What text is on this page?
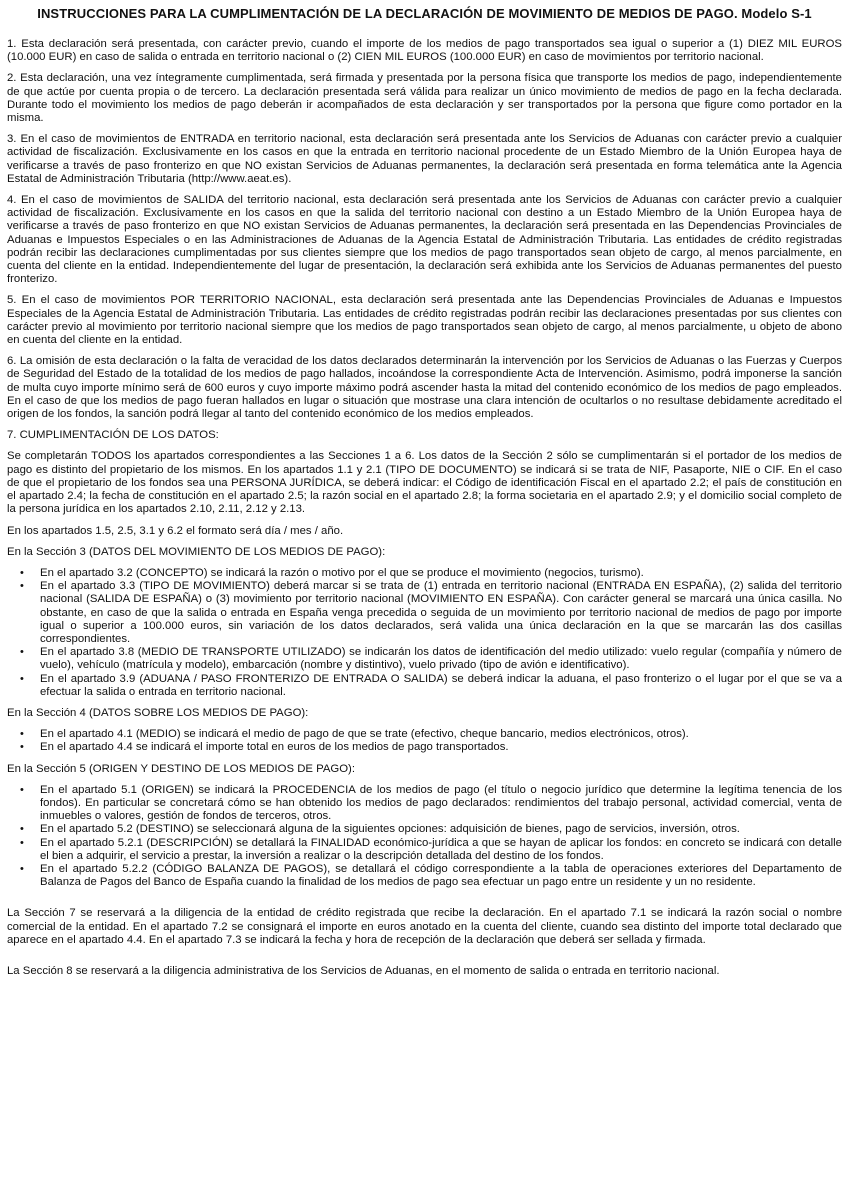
INSTRUCCIONES PARA LA CUMPLIMENTACIÓN DE LA DECLARACIÓN DE MOVIMIENTO DE MEDIOS DE PAGO. Modelo S-1

1. Esta declaración será presentada, con carácter previo, cuando el importe de los medios de pago transportados sea igual o superior a (1) DIEZ MIL EUROS (10.000 EUR) en caso de salida o entrada en territorio nacional o (2) CIEN MIL EUROS (100.000 EUR) en caso de movimientos por territorio nacional.

2. Esta declaración, una vez íntegramente cumplimentada, será firmada y presentada por la persona física que transporte los medios de pago, independientemente de que actúe por cuenta propia o de tercero. La declaración presentada será válida para realizar un único movimiento de medios de pago en la fecha declarada. Durante todo el movimiento los medios de pago deberán ir acompañados de esta declaración y ser transportados por la persona que figure como portador en la misma.

3. En el caso de movimientos de ENTRADA en territorio nacional, esta declaración será presentada ante los Servicios de Aduanas con carácter previo a cualquier actividad de fiscalización. Exclusivamente en los casos en que la entrada en territorio nacional procedente de un Estado Miembro de la Unión Europea haya de verificarse a través de paso fronterizo en que NO existan Servicios de Aduanas permanentes, la declaración será presentada en forma telemática ante la Agencia Estatal de Administración Tributaria (http://www.aeat.es).

4. En el caso de movimientos de SALIDA del territorio nacional, esta declaración será presentada ante los Servicios de Aduanas con carácter previo a cualquier actividad de fiscalización. Exclusivamente en los casos en que la salida del territorio nacional con destino a un Estado Miembro de la Unión Europea haya de verificarse a través de paso fronterizo en que NO existan Servicios de Aduanas permanentes, la declaración será presentada en las Dependencias Provinciales de Aduanas e Impuestos Especiales o en las Administraciones de Aduanas de la Agencia Estatal de Administración Tributaria. Las entidades de crédito registradas podrán recibir las declaraciones cumplimentadas por sus clientes siempre que los medios de pago transportados sean objeto de cargo, al menos parcialmente, en cuenta del cliente en la entidad. Independientemente del lugar de presentación, la declaración será exhibida ante los Servicios de Aduanas permanentes del puesto fronterizo.

5. En el caso de movimientos POR TERRITORIO NACIONAL, esta declaración será presentada ante las Dependencias Provinciales de Aduanas e Impuestos Especiales de la Agencia Estatal de Administración Tributaria. Las entidades de crédito registradas podrán recibir las declaraciones presentadas por sus clientes con carácter previo al movimiento por territorio nacional siempre que los medios de pago transportados sean objeto de cargo, al menos parcialmente, u objeto de abono en cuenta del cliente en la entidad.

6. La omisión de esta declaración o la falta de veracidad de los datos declarados determinarán la intervención por los Servicios de Aduanas o las Fuerzas y Cuerpos de Seguridad del Estado de la totalidad de los medios de pago hallados, incoándose la correspondiente Acta de Intervención. Asimismo, podrá imponerse la sanción de multa cuyo importe mínimo será de 600 euros y cuyo importe máximo podrá ascender hasta la mitad del contenido económico de los medios de pago empleados. En el caso de que los medios de pago fueran hallados en lugar o situación que mostrase una clara intención de ocultarlos o no resultase debidamente acreditado el origen de los fondos, la sanción podrá llegar al tanto del contenido económico de los medios empleados.

7. CUMPLIMENTACIÓN DE LOS DATOS:

Se completarán TODOS los apartados correspondientes a las Secciones 1 a 6. Los datos de la Sección 2 sólo se cumplimentarán si el portador de los medios de pago es distinto del propietario de los mismos. En los apartados 1.1 y 2.1 (TIPO DE DOCUMENTO) se indicará si se trata de NIF, Pasaporte, NIE o CIF. En el caso de que el propietario de los fondos sea una PERSONA JURÍDICA, se deberá indicar: el Código de identificación Fiscal en el apartado 2.2; el país de constitución en el apartado 2.4; la fecha de constitución en el apartado 2.5; la razón social en el apartado 2.8; la forma societaria en el apartado 2.9; y el domicilio social completo de la persona jurídica en los apartados 2.10, 2.11, 2.12 y 2.13.

En los apartados 1.5, 2.5, 3.1 y 6.2 el formato será día / mes / año.

En la Sección 3 (DATOS DEL MOVIMIENTO DE LOS MEDIOS DE PAGO):

• En el apartado 3.2 (CONCEPTO) se indicará la razón o motivo por el que se produce el movimiento (negocios, turismo).
• En el apartado 3.3 (TIPO DE MOVIMIENTO) deberá marcar si se trata de (1) entrada en territorio nacional (ENTRADA EN ESPAÑA), (2) salida del territorio nacional (SALIDA DE ESPAÑA) o (3) movimiento por territorio nacional (MOVIMIENTO EN ESPAÑA). Con carácter general se marcará una única casilla. No obstante, en caso de que la salida o entrada en España venga precedida o seguida de un movimiento por territorio nacional de medios de pago por importe igual o superior a 100.000 euros, sin variación de los datos declarados, será valida una única declaración en la que se marcarán las dos casillas correspondientes.
• En el apartado 3.8 (MEDIO DE TRANSPORTE UTILIZADO) se indicarán los datos de identificación del medio utilizado: vuelo regular (compañía y número de vuelo), vehículo (matrícula y modelo), embarcación (nombre y distintivo), vuelo privado (tipo de avión e identificativo).
• En el apartado 3.9 (ADUANA / PASO FRONTERIZO DE ENTRADA O SALIDA) se deberá indicar la aduana, el paso fronterizo o el lugar por el que se va a efectuar la salida o entrada en territorio nacional.

En la Sección 4 (DATOS SOBRE LOS MEDIOS DE PAGO):

• En el apartado 4.1 (MEDIO) se indicará el medio de pago de que se trate (efectivo, cheque bancario, medios electrónicos, otros).
• En el apartado 4.4 se indicará el importe total en euros de los medios de pago transportados.

En la Sección 5 (ORIGEN Y DESTINO DE LOS MEDIOS DE PAGO):

• En el apartado 5.1 (ORIGEN) se indicará la PROCEDENCIA de los medios de pago (el título o negocio jurídico que determine la legítima tenencia de los fondos). En particular se concretará cómo se han obtenido los medios de pago declarados: rendimientos del trabajo personal, actividad comercial, venta de inmuebles o valores, gestión de fondos de terceros, otros.
• En el apartado 5.2 (DESTINO) se seleccionará alguna de la siguientes opciones: adquisición de bienes, pago de servicios, inversión, otros.
• En el apartado 5.2.1 (DESCRIPCIÓN) se detallará la FINALIDAD económico-jurídica a que se hayan de aplicar los fondos: en concreto se indicará con detalle el bien a adquirir, el servicio a prestar, la inversión a realizar o la descripción detallada del destino de los fondos.
• En el apartado 5.2.2 (CÓDIGO BALANZA DE PAGOS), se detallará el código correspondiente a la tabla de operaciones exteriores del Departamento de Balanza de Pagos del Banco de España cuando la finalidad de los medios de pago sea efectuar un pago entre un residente y un no residente.

La Sección 7 se reservará a la diligencia de la entidad de crédito registrada que recibe la declaración. En el apartado 7.1 se indicará la razón social o nombre comercial de la entidad. En el apartado 7.2 se consignará el importe en euros anotado en la cuenta del cliente, cuando sea distinto del importe total declarado que aparece en el apartado 4.4. En el apartado 7.3 se indicará la fecha y hora de recepción de la declaración que deberá ser sellada y firmada.

La Sección 8 se reservará a la diligencia administrativa de los Servicios de Aduanas, en el momento de salida o entrada en territorio nacional.
